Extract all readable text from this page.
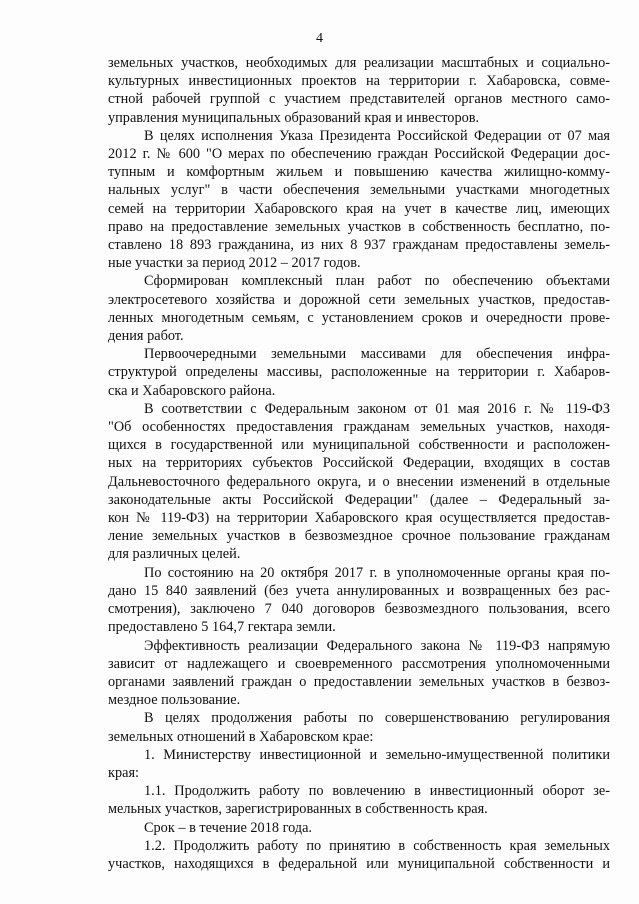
4
земельных участков, необходимых для реализации масштабных и социально-
культурных инвестиционных проектов на территории г. Хабаровска, совме-
стной рабочей группой с участием представителей органов местного само-
управления муниципальных образований края и инвесторов.
В целях исполнения Указа Президента Российской Федерации от 07 мая
2012 г. № 600 "О мерах по обеспечению граждан Российской Федерации дос-
тупным и комфортным жильем и повышению качества жилищно-комму-
нальных услуг" в части обеспечения земельными участками многодетных
семей на территории Хабаровского края на учет в качестве лиц, имеющих
право на предоставление земельных участков в собственность бесплатно, по-
ставлено 18 893 гражданина, из них 8 937 гражданам предоставлены земель-
ные участки за период 2012 – 2017 годов.
Сформирован комплексный план работ по обеспечению объектами
электросетевого хозяйства и дорожной сети земельных участков, предостав-
ленных многодетным семьям, с установлением сроков и очередности прове-
дения работ.
Первоочередными земельными массивами для обеспечения инфра-
структурой определены массивы, расположенные на территории г. Хабаров-
ска и Хабаровского района.
В соответствии с Федеральным законом от 01 мая 2016 г. № 119-ФЗ
"Об особенностях предоставления гражданам земельных участков, находя-
щихся в государственной или муниципальной собственности и расположен-
ных на территориях субъектов Российской Федерации, входящих в состав
Дальневосточного федерального округа, и о внесении изменений в отдельные
законодательные акты Российской Федерации" (далее – Федеральный за-
кон № 119-ФЗ) на территории Хабаровского края осуществляется предостав-
ление земельных участков в безвозмездное срочное пользование гражданам
для различных целей.
По состоянию на 20 октября 2017 г. в уполномоченные органы края по-
дано 15 840 заявлений (без учета аннулированных и возвращенных без рас-
смотрения), заключено 7 040 договоров безвозмездного пользования, всего
предоставлено 5 164,7 гектара земли.
Эффективность реализации Федерального закона № 119-ФЗ напрямую
зависит от надлежащего и своевременного рассмотрения уполномоченными
органами заявлений граждан о предоставлении земельных участков в безвоз-
мездное пользование.
В целях продолжения работы по совершенствованию регулирования
земельных отношений в Хабаровском крае:
1. Министерству инвестиционной и земельно-имущественной политики
края:
1.1. Продолжить работу по вовлечению в инвестиционный оборот зе-
мельных участков, зарегистрированных в собственность края.
Срок – в течение 2018 года.
1.2. Продолжить работу по принятию в собственность края земельных
участков, находящихся в федеральной или муниципальной собственности и
